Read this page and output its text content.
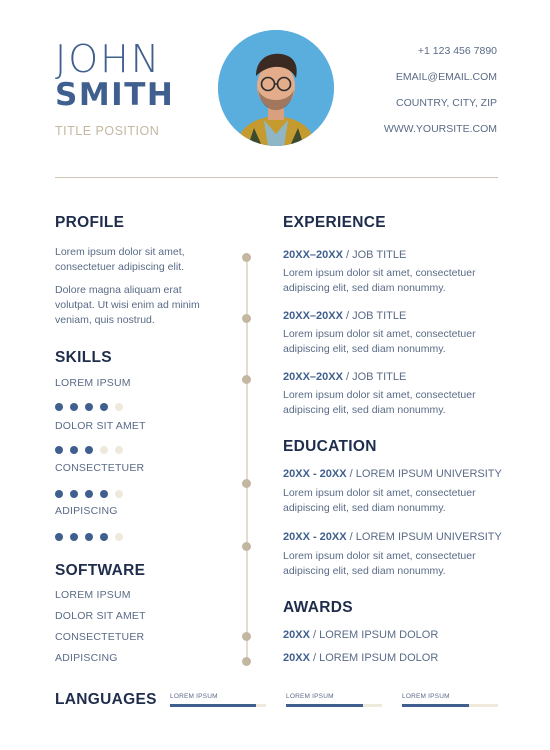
JOHN
SMITH
TITLE POSITION
+1 123 456 7890
EMAIL@EMAIL.COM
COUNTRY, CITY, ZIP
WWW.YOURSITE.COM
PROFILE
Lorem ipsum dolor sit amet,
consectetuer adipiscing elit.
Dolore magna aliquam erat
volutpat. Ut wisi enim ad minim
veniam, quis nostrud.
SKILLS
LOREM IPSUM
DOLOR SIT AMET
CONSECTETUER
ADIPISCING
SOFTWARE
LOREM IPSUM
DOLOR SIT AMET
CONSECTETUER
ADIPISCING
EXPERIENCE
20XX–20XX / JOB TITLE
Lorem ipsum dolor sit amet, consectetuer
adipiscing elit, sed diam nonummy.
20XX–20XX / JOB TITLE
Lorem ipsum dolor sit amet, consectetuer
adipiscing elit, sed diam nonummy.
20XX–20XX / JOB TITLE
Lorem ipsum dolor sit amet, consectetuer
adipiscing elit, sed diam nonummy.
EDUCATION
20XX - 20XX / LOREM IPSUM UNIVERSITY
Lorem ipsum dolor sit amet, consectetuer
adipiscing elit, sed diam nonummy.
20XX - 20XX / LOREM IPSUM UNIVERSITY
Lorem ipsum dolor sit amet, consectetuer
adipiscing elit, sed diam nonummy.
AWARDS
20XX / LOREM IPSUM DOLOR
20XX / LOREM IPSUM DOLOR
LANGUAGES LOREM IPSUM	LOREM IPSUM	LOREM IPSUM
